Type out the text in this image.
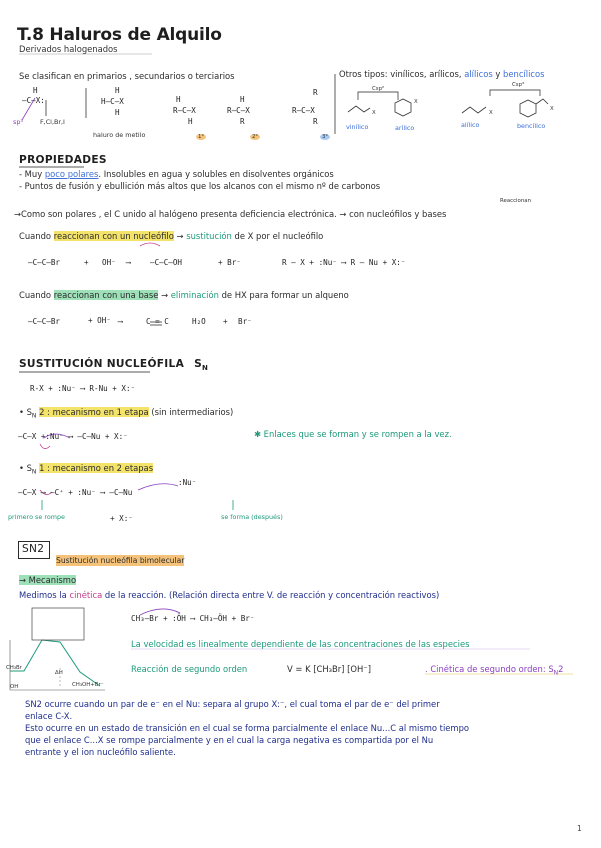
T.8 Haluros de Alquilo
Derivados halogenados
Se clasifican en primarios , secundarios o terciarios	Otros tipos: vinílicos, arílicos, alílicos y bencílicos
H
–C–X:
sp³	F,Cl,Br,I
H
H–C–X
H
haluro de metilo
H
R–C–X
H
1°
H
R–C–X
R
2°
R
R–C–X
R
3°
Csp²
Csp³
X
X
X
X
vinílico	arílico	alílico	bencílico
PROPIEDADES
- Muy poco polares. Insolubles en agua y solubles en disolventes orgánicos
- Puntos de fusión y ebullición más altos que los alcanos con el mismo nº de carbonos
Reaccionan
→Como son polares , el C unido al halógeno presenta deficiencia electrónica. → con nucleófilos y bases
Cuando reaccionan con un nucleófilo → sustitución de X por el nucleófilo
–C–C–Br	+ OH⁻ ⟶	–C–C–OH	+ Br⁻	R – X + :Nu⁻ ⟶ R – Nu + X:⁻
Cuando reaccionan con una base → eliminación de HX para formar un alqueno
–C–C–Br	+ OH⁻ ⟶	C = C	H₂O + Br⁻
SUSTITUCIÓN NUCLEÓFILA $S_N$
R-X + :Nu⁻ ⟶ R-Nu + X:⁻
• $S_N$ 2 : mecanismo en 1 etapa (sin intermediarios)
–C–X +:Nu⁻ ⟶ –C–Nu + X:⁻	✱ Enlaces que se forman y se rompen a la vez.
• $S_N$ 1 : mecanismo en 2 etapas
–C–X ⟶ –C⁺ + :Nu⁻ ⟶ –C–Nu
:Nu⁻
+ X:⁻
primero se rompe	se forma (después)
SN2
Sustitución nucleófila bimolecular
→ Mecanismo
Medimos la cinética de la reacción. (Relación directa entre V. de reacción y concentración reactivos)
CH₃–Br + :ÖH ⟶ CH₃–ÖH + Br⁻
La velocidad es linealmente dependiente de las concentraciones de las especies
Reacción de segundo orden	V = K [CH₃Br] [OH⁻]	. Cinética de segundo orden: $S_N2$
CH₃Br
OH
ΔH
CH₃OH+Br⁻
SN2 ocurre cuando un par de e⁻ en el Nu: separa al grupo X:⁻, el cual toma el par de e⁻ del primer
enlace C-X.
Esto ocurre en un estado de transición en el cual se forma parcialmente el enlace Nu...C al mismo tiempo
que el enlace C...X se rompe parcialmente y en el cual la carga negativa es compartida por el Nu
entrante y el ion nucleófilo saliente.
1
